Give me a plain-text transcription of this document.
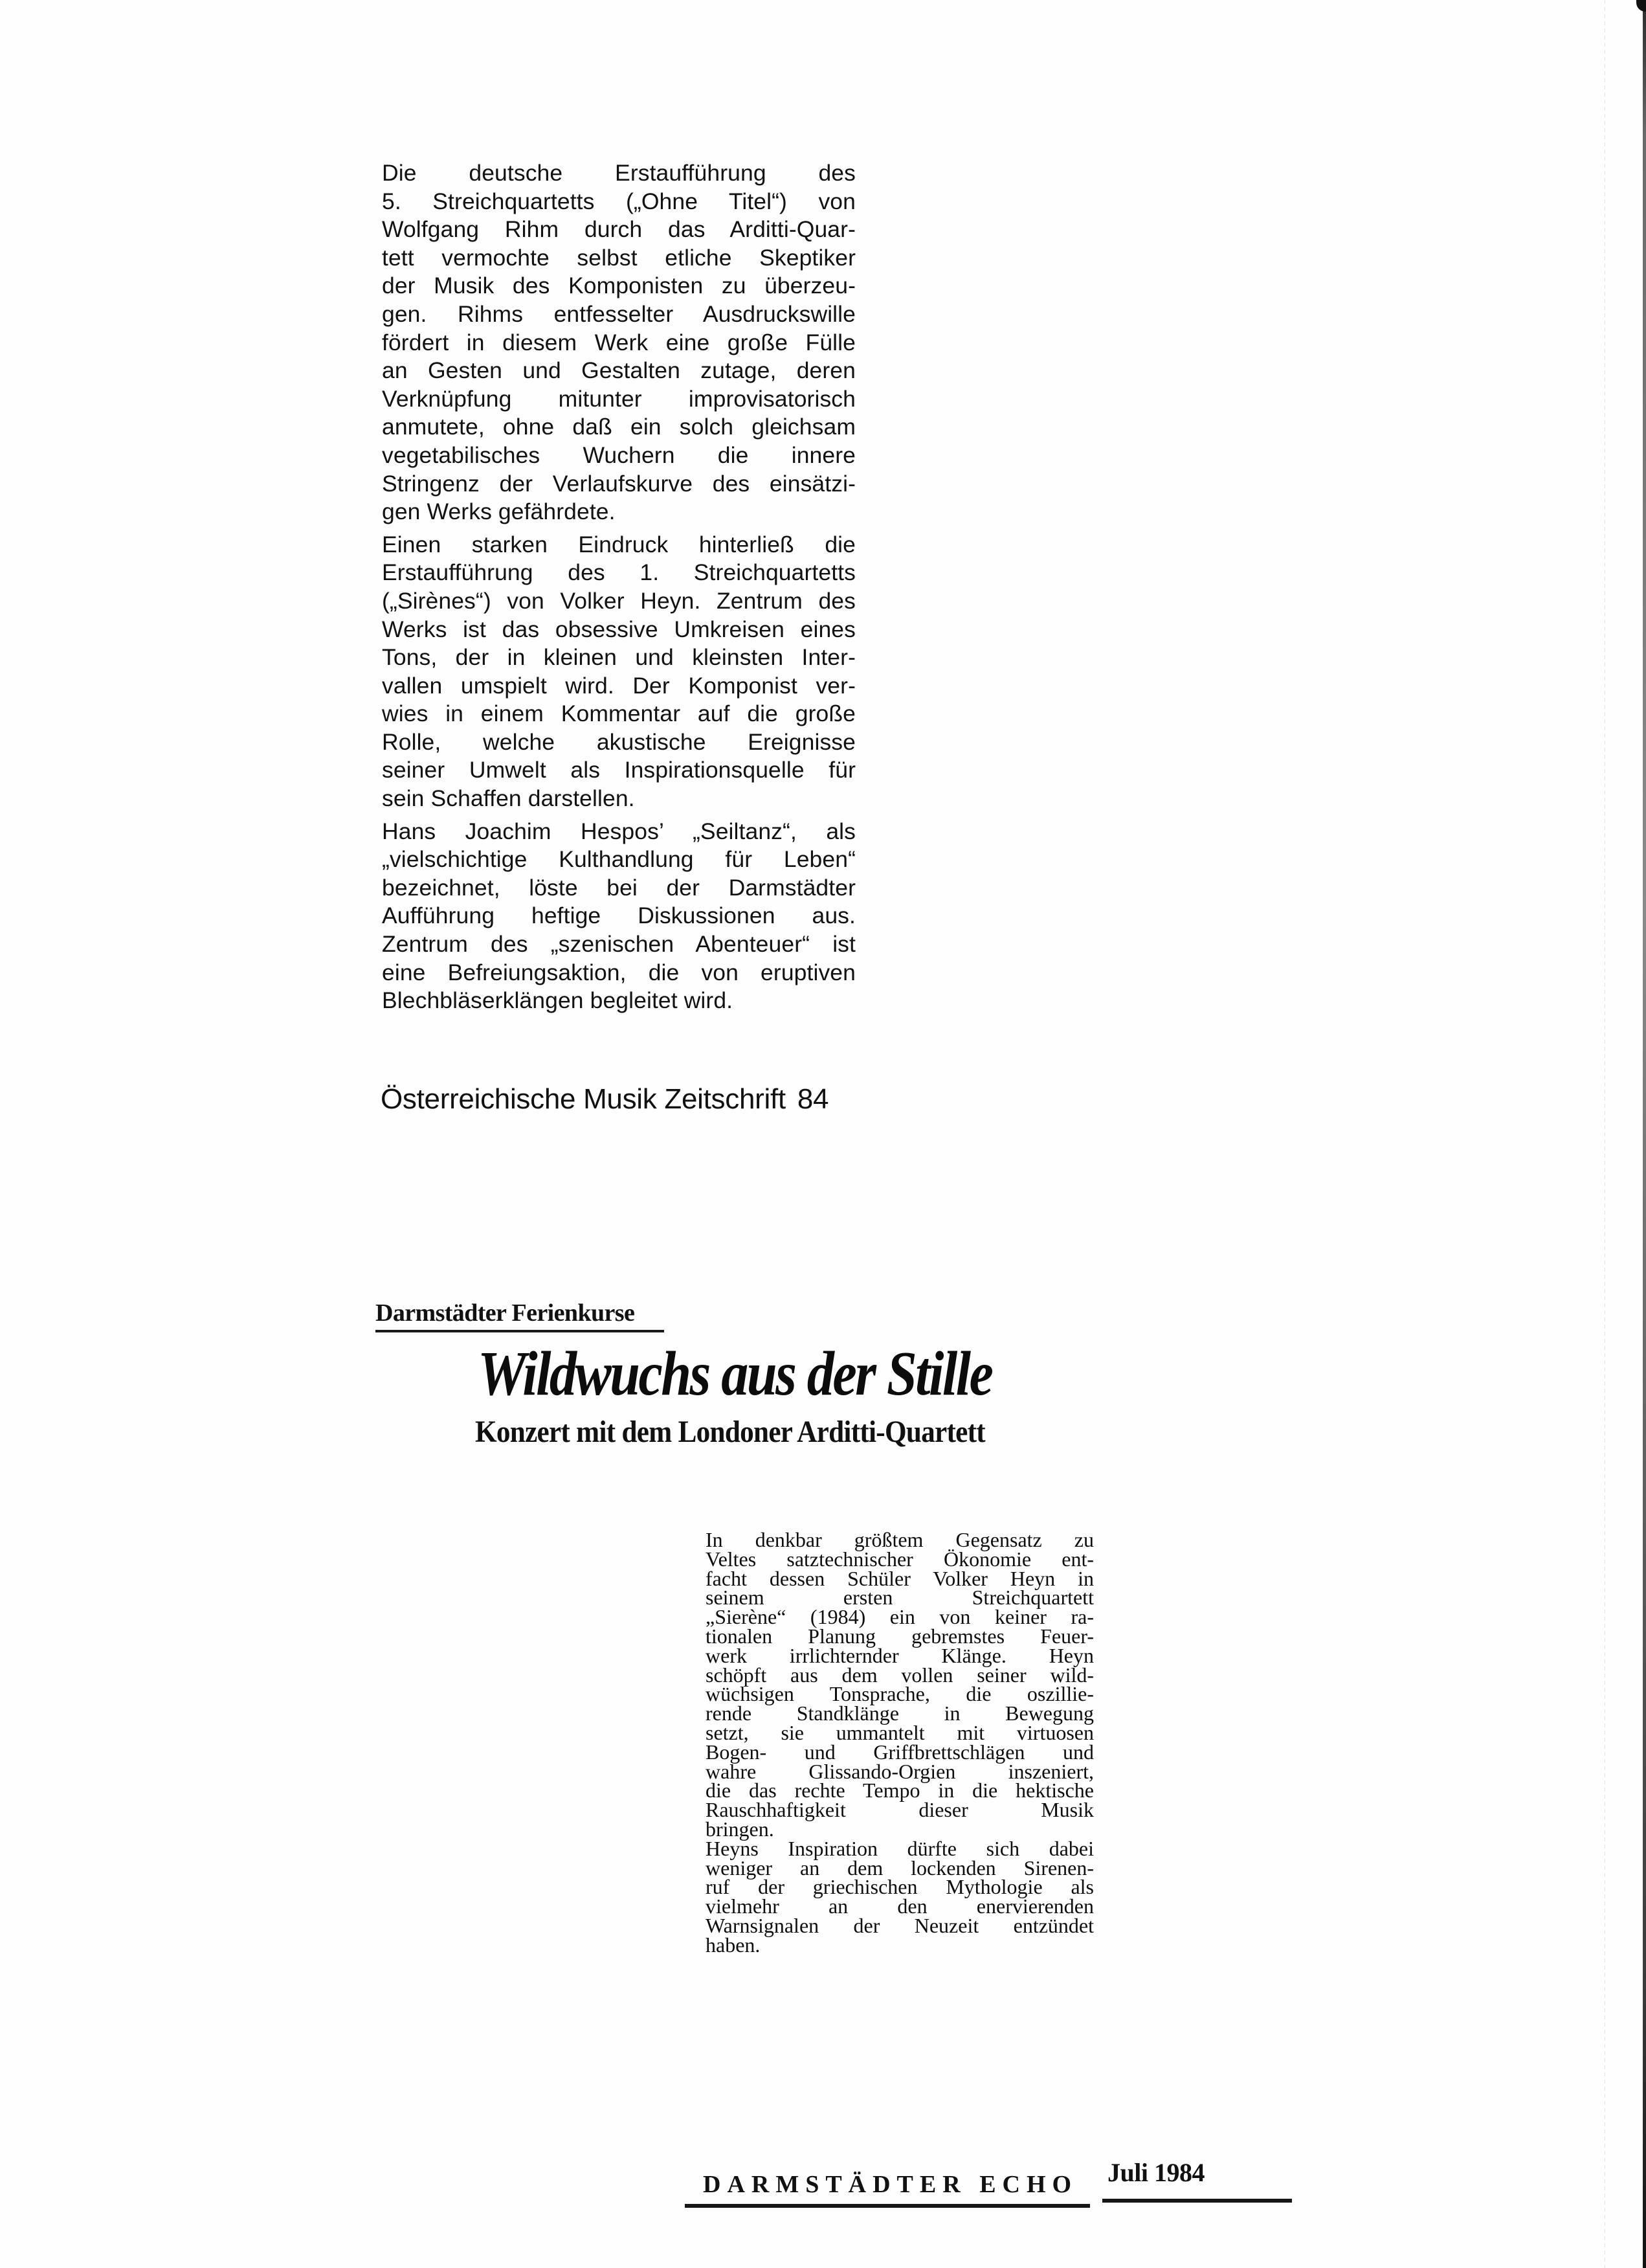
Die deutsche Erstaufführung des
5. Streichquartetts („Ohne Titel“) von
Wolfgang Rihm durch das Arditti-Quar-
tett vermochte selbst etliche Skeptiker
der Musik des Komponisten zu überzeu-
gen. Rihms entfesselter Ausdruckswille
fördert in diesem Werk eine große Fülle
an Gesten und Gestalten zutage, deren
Verknüpfung mitunter improvisatorisch
anmutete, ohne daß ein solch gleichsam
vegetabilisches Wuchern die innere
Stringenz der Verlaufskurve des einsätzi-
gen Werks gefährdete.
Einen starken Eindruck hinterließ die
Erstaufführung des 1. Streichquartetts
(„Sirènes“) von Volker Heyn. Zentrum des
Werks ist das obsessive Umkreisen eines
Tons, der in kleinen und kleinsten Inter-
vallen umspielt wird. Der Komponist ver-
wies in einem Kommentar auf die große
Rolle, welche akustische Ereignisse
seiner Umwelt als Inspirationsquelle für
sein Schaffen darstellen.
Hans Joachim Hespos’ „Seiltanz“, als
„vielschichtige Kulthandlung für Leben“
bezeichnet, löste bei der Darmstädter
Aufführung heftige Diskussionen aus.
Zentrum des „szenischen Abenteuer“ ist
eine Befreiungsaktion, die von eruptiven
Blechbläserklängen begleitet wird.
Österreichische Musik Zeitschrift 84
Darmstädter Ferienkurse
Wildwuchs aus der Stille
Konzert mit dem Londoner Arditti-Quartett
In denkbar größtem Gegensatz zu
Veltes satztechnischer Ökonomie ent-
facht dessen Schüler Volker Heyn in
seinem ersten Streichquartett
„Sierène“ (1984) ein von keiner ra-
tionalen Planung gebremstes Feuer-
werk irrlichternder Klänge. Heyn
schöpft aus dem vollen seiner wild-
wüchsigen Tonsprache, die oszillie-
rende Standklänge in Bewegung
setzt, sie ummantelt mit virtuosen
Bogen- und Griffbrettschlägen und
wahre Glissando-Orgien inszeniert,
die das rechte Tempo in die hektische
Rauschhaftigkeit dieser Musik
bringen.
Heyns Inspiration dürfte sich dabei
weniger an dem lockenden Sirenen-
ruf der griechischen Mythologie als
vielmehr an den enervierenden
Warnsignalen der Neuzeit entzündet
haben.
DARMSTÄDTER ECHO	Juli 1984
